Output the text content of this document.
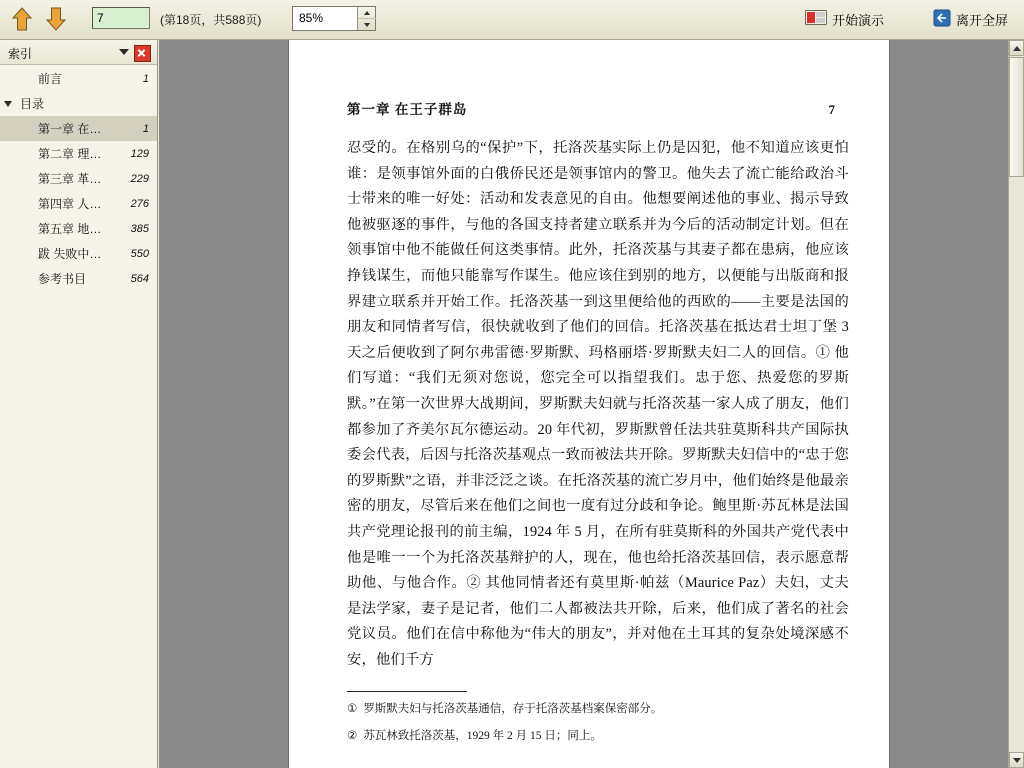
7
(第18页，共588页)	85%	开始演示	离开全屏
索引
前言	1
目录
第一章 在…	1
第二章 理…	129
第三章 革…	229
第四章 人…	276
第五章 地…	385
跋 失败中…	550
参考书目	564
第一章 在王子群岛	7
忍受的。在格别乌的“保护”下，托洛茨基实际上仍是囚犯，他不知道应该更怕谁：是领事馆外面的白俄侨民还是领事馆内的警卫。他失去了流亡能给政治斗士带来的唯一好处：活动和发表意见的自由。他想要阐述他的事业、揭示导致他被驱逐的事件，与他的各国支持者建立联系并为今后的活动制定计划。但在领事馆中他不能做任何这类事情。此外，托洛茨基与其妻子都在患病，他应该挣钱谋生，而他只能靠写作谋生。他应该住到别的地方，以便能与出版商和报界建立联系并开始工作。托洛茨基一到这里便给他的西欧的——主要是法国的朋友和同情者写信，很快就收到了他们的回信。托洛茨基在抵达君士坦丁堡 3 天之后便收到了阿尔弗雷德·罗斯默、玛格丽塔·罗斯默夫妇二人的回信。① 他们写道：“我们无须对您说，您完全可以指望我们。忠于您、热爱您的罗斯默。”在第一次世界大战期间，罗斯默夫妇就与托洛茨基一家人成了朋友，他们都参加了齐美尔瓦尔德运动。20 年代初，罗斯默曾任法共驻莫斯科共产国际执委会代表，后因与托洛茨基观点一致而被法共开除。罗斯默夫妇信中的“忠于您的罗斯默”之语，并非泛泛之谈。在托洛茨基的流亡岁月中，他们始终是他最亲密的朋友，尽管后来在他们之间也一度有过分歧和争论。鲍里斯·苏瓦林是法国共产党理论报刊的前主编，1924 年 5 月，在所有驻莫斯科的外国共产党代表中他是唯一一个为托洛茨基辩护的人，现在，他也给托洛茨基回信，表示愿意帮助他、与他合作。② 其他同情者还有莫里斯·帕兹（Maurice Paz）夫妇，丈夫是法学家，妻子是记者，他们二人都被法共开除，后来，他们成了著名的社会党议员。他们在信中称他为“伟大的朋友”，并对他在土耳其的复杂处境深感不安，他们千方
① 罗斯默夫妇与托洛茨基通信，存于托洛茨基档案保密部分。
② 苏瓦林致托洛茨基，1929 年 2 月 15 日；同上。
